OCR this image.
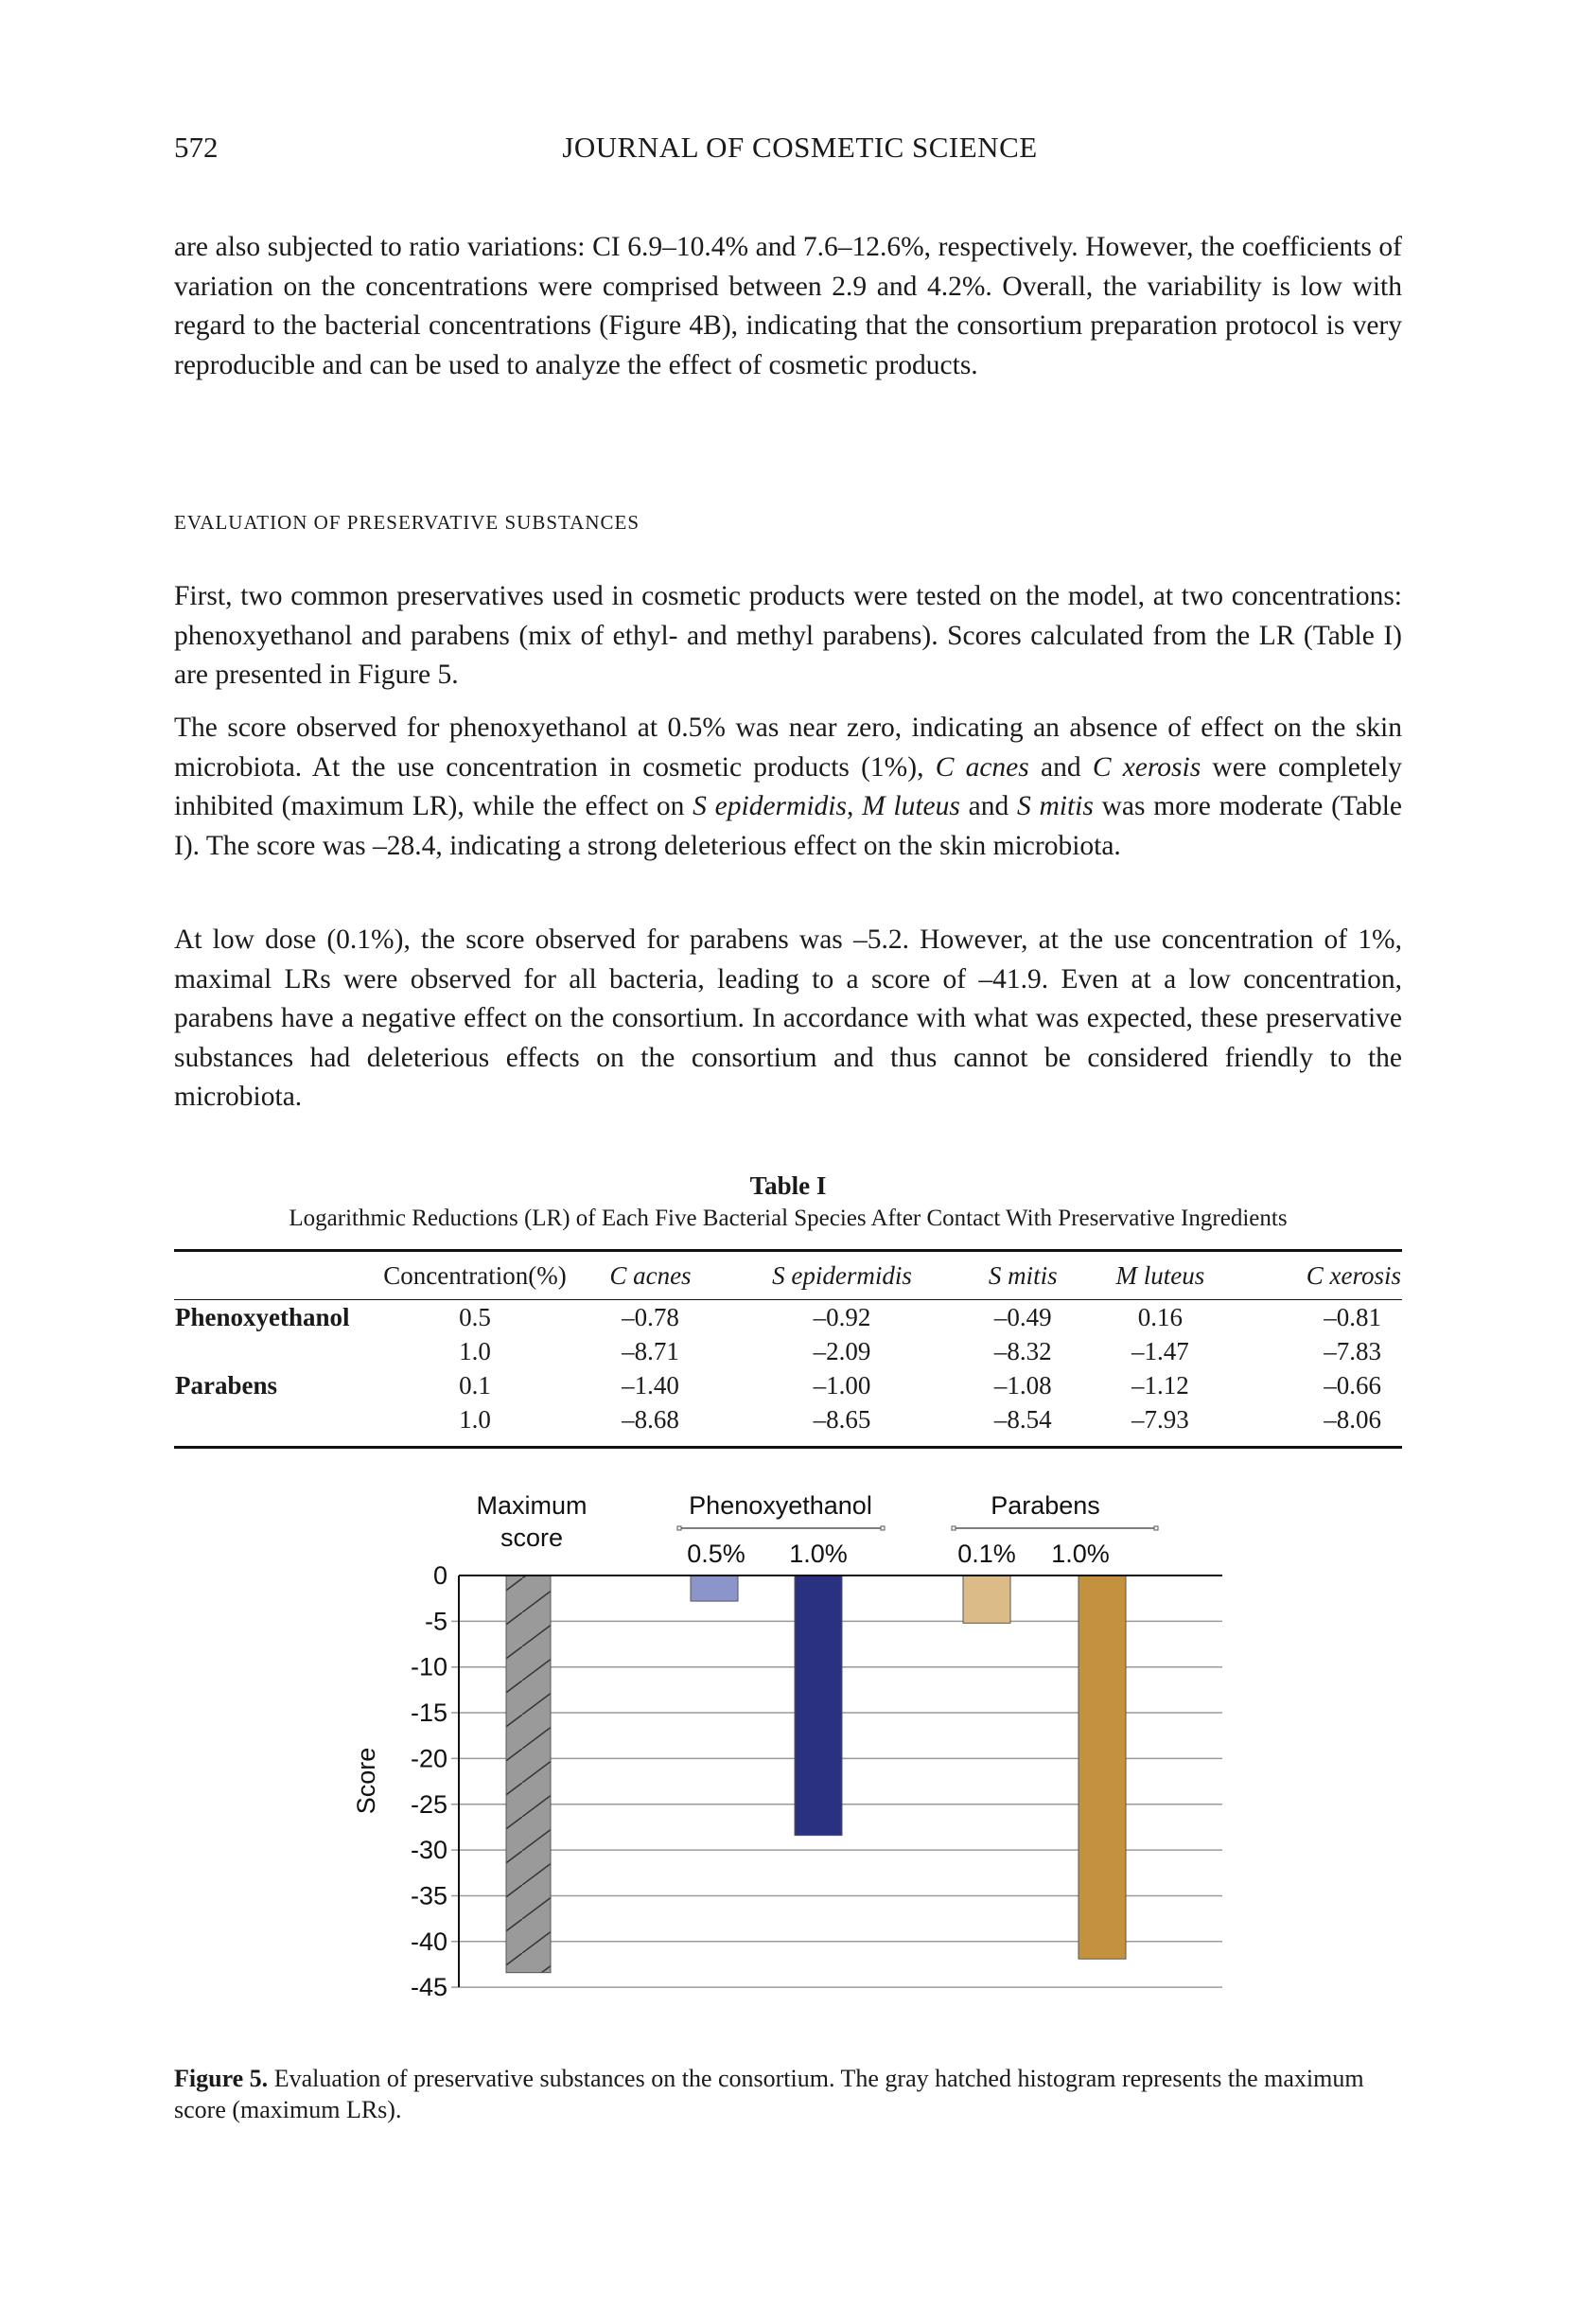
572	JOURNAL OF COSMETIC SCIENCE
are also subjected to ratio variations: CI 6.9–10.4% and 7.6–12.6%, respectively. However, the coefficients of variation on the concentrations were comprised between 2.9 and 4.2%. Overall, the variability is low with regard to the bacterial concentrations (Figure 4B), indicating that the consortium preparation protocol is very reproducible and can be used to analyze the effect of cosmetic products.
EVALUATION OF PRESERVATIVE SUBSTANCES
First, two common preservatives used in cosmetic products were tested on the model, at two concentrations: phenoxyethanol and parabens (mix of ethyl- and methyl parabens). Scores calculated from the LR (Table I) are presented in Figure 5.
The score observed for phenoxyethanol at 0.5% was near zero, indicating an absence of effect on the skin microbiota. At the use concentration in cosmetic products (1%), C acnes and C xerosis were completely inhibited (maximum LR), while the effect on S epidermidis, M luteus and S mitis was more moderate (Table I). The score was –28.4, indicating a strong deleterious effect on the skin microbiota.
At low dose (0.1%), the score observed for parabens was –5.2. However, at the use concentration of 1%, maximal LRs were observed for all bacteria, leading to a score of –41.9. Even at a low concentration, parabens have a negative effect on the consortium. In accordance with what was expected, these preservative substances had deleterious effects on the consortium and thus cannot be considered friendly to the microbiota.
Table I
Logarithmic Reductions (LR) of Each Five Bacterial Species After Contact With Preservative Ingredients
	Concentration(%)	C acnes	S epidermidis	S mitis	M luteus	C xerosis
Phenoxyethanol	0.5	–0.78	–0.92	–0.49	0.16	–0.81
	1.0	–8.71	–2.09	–8.32	–1.47	–7.83
Parabens	0.1	–1.40	–1.00	–1.08	–1.12	–0.66
	1.0	–8.68	–8.65	–8.54	–7.93	–8.06
Maximum
score
Phenoxyethanol	Parabens
0.5% 1.0%	0.1% 1.0%
0
-5
-10
-15
-20
-25
-30
-35
-40
-45
Score
Figure 5. Evaluation of preservative substances on the consortium. The gray hatched histogram represents the maximum score (maximum LRs).
